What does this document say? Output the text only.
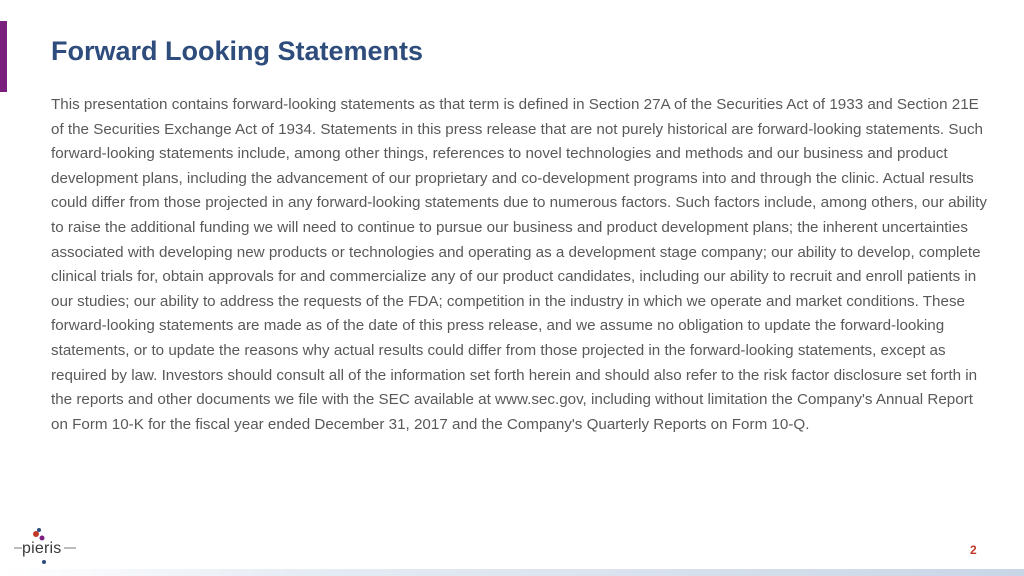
Forward Looking Statements

This presentation contains forward-looking statements as that term is defined in Section 27A of the Securities Act of 1933 and Section 21E of the Securities Exchange Act of 1934. Statements in this press release that are not purely historical are forward-looking statements. Such forward-looking statements include, among other things, references to novel technologies and methods and our business and product development plans, including the advancement of our proprietary and co-development programs into and through the clinic. Actual results could differ from those projected in any forward-looking statements due to numerous factors. Such factors include, among others, our ability to raise the additional funding we will need to continue to pursue our business and product development plans; the inherent uncertainties associated with developing new products or technologies and operating as a development stage company; our ability to develop, complete clinical trials for, obtain approvals for and commercialize any of our product candidates, including our ability to recruit and enroll patients in our studies; our ability to address the requests of the FDA; competition in the industry in which we operate and market conditions. These forward-looking statements are made as of the date of this press release, and we assume no obligation to update the forward-looking statements, or to update the reasons why actual results could differ from those projected in the forward-looking statements, except as required by law. Investors should consult all of the information set forth herein and should also refer to the risk factor disclosure set forth in the reports and other documents we file with the SEC available at www.sec.gov, including without limitation the Company's Annual Report on Form 10-K for the fiscal year ended December 31, 2017 and the Company's Quarterly Reports on Form 10-Q.

pieris	2
